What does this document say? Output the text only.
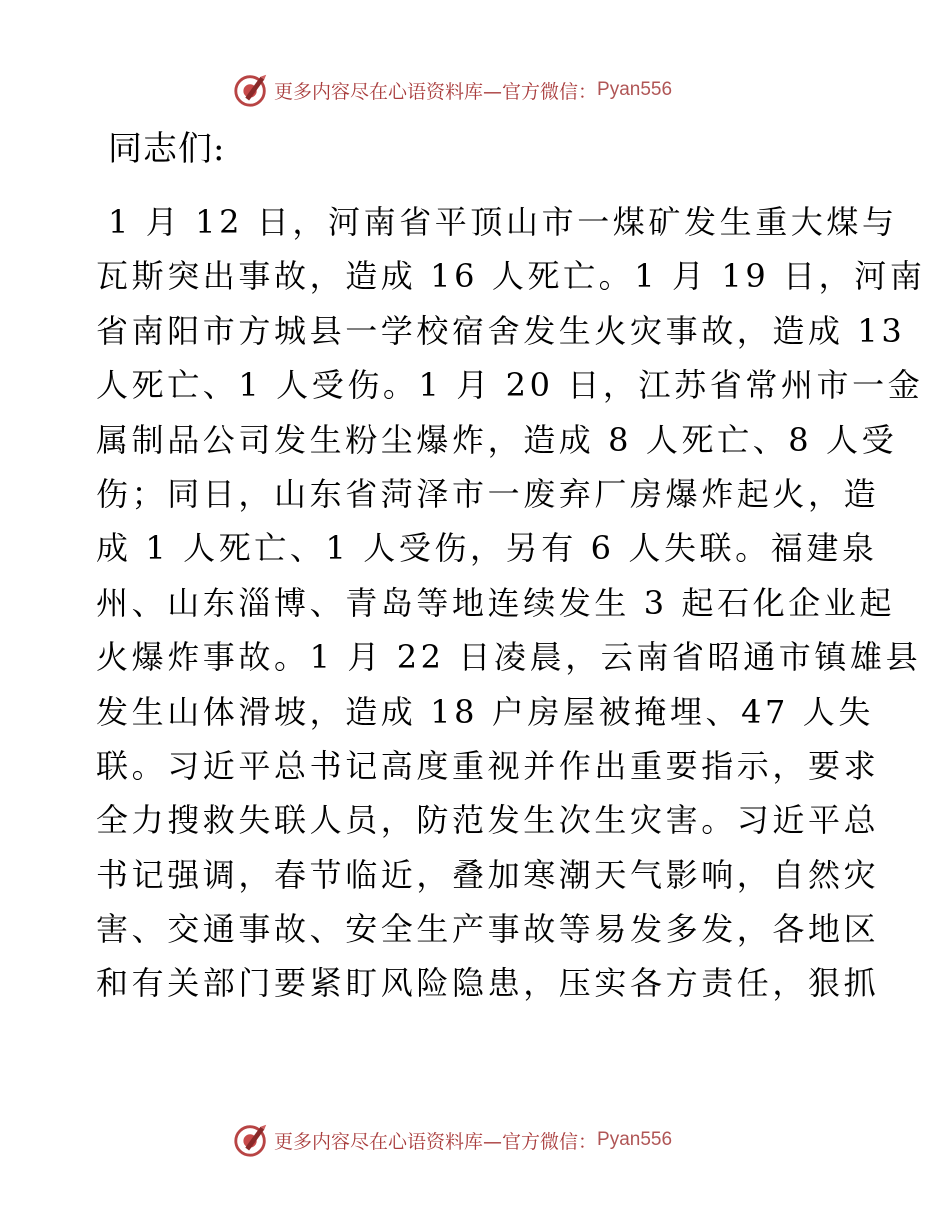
更多内容尽在心语资料库—官方微信： Pyan556
同志们:
1 月 12 日，河南省平顶山市一煤矿发生重大煤与
瓦斯突出事故，造成 16 人死亡。1 月 19 日，河南
省南阳市方城县一学校宿舍发生火灾事故，造成 13
人死亡、1 人受伤。1 月 20 日，江苏省常州市一金
属制品公司发生粉尘爆炸，造成 8 人死亡、8 人受
伤；同日，山东省菏泽市一废弃厂房爆炸起火，造
成 1 人死亡、1 人受伤，另有 6 人失联。福建泉
州、山东淄博、青岛等地连续发生 3 起石化企业起
火爆炸事故。1 月 22 日凌晨，云南省昭通市镇雄县
发生山体滑坡，造成 18 户房屋被掩埋、47 人失
联。习近平总书记高度重视并作出重要指示，要求
全力搜救失联人员，防范发生次生灾害。习近平总
书记强调，春节临近，叠加寒潮天气影响，自然灾
害、交通事故、安全生产事故等易发多发，各地区
和有关部门要紧盯风险隐患，压实各方责任，狠抓
更多内容尽在心语资料库—官方微信： Pyan556
